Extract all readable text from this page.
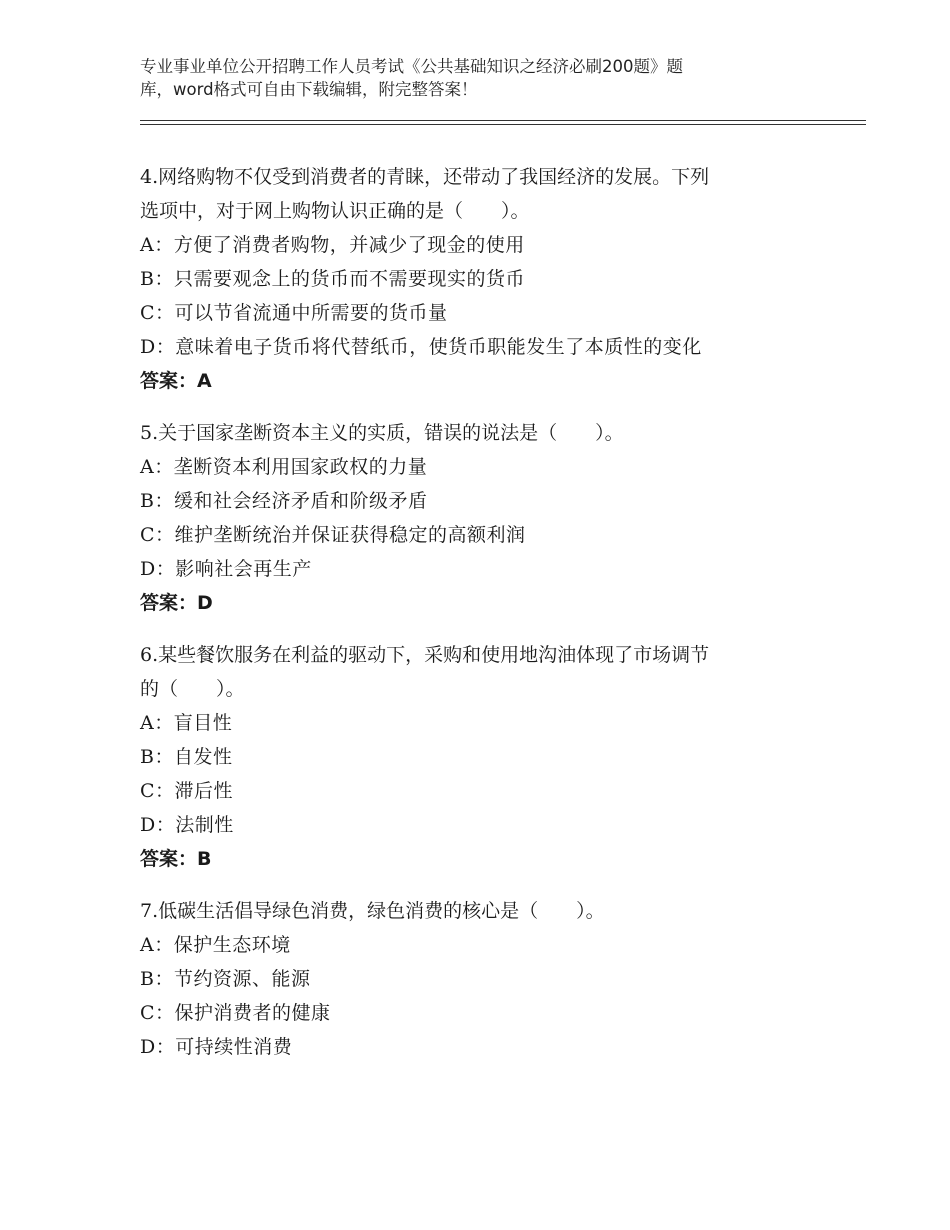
专业事业单位公开招聘工作人员考试《公共基础知识之经济必刷200题》题
库，word格式可自由下载编辑，附完整答案！
4.网络购物不仅受到消费者的青睐，还带动了我国经济的发展。下列
选项中，对于网上购物认识正确的是（　　）。
A：方便了消费者购物，并减少了现金的使用
B：只需要观念上的货币而不需要现实的货币
C：可以节省流通中所需要的货币量
D：意味着电子货币将代替纸币，使货币职能发生了本质性的变化
答案：A
5.关于国家垄断资本主义的实质，错误的说法是（　　）。
A：垄断资本利用国家政权的力量
B：缓和社会经济矛盾和阶级矛盾
C：维护垄断统治并保证获得稳定的高额利润
D：影响社会再生产
答案：D
6.某些餐饮服务在利益的驱动下，采购和使用地沟油体现了市场调节
的（　　）。
A：盲目性
B：自发性
C：滞后性
D：法制性
答案：B
7.低碳生活倡导绿色消费，绿色消费的核心是（　　）。
A：保护生态环境
B：节约资源、能源
C：保护消费者的健康
D：可持续性消费
